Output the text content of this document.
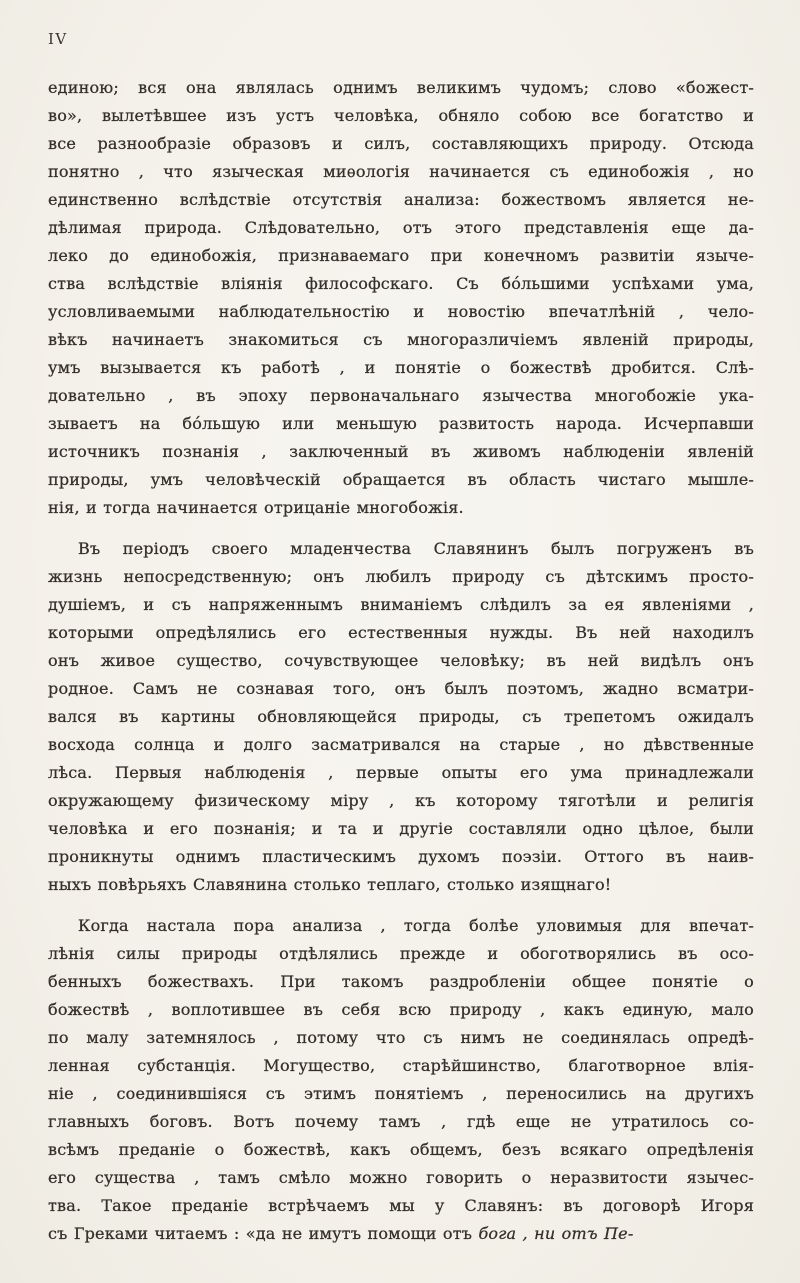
IV
единою; вся она являлась однимъ великимъ чудомъ; слово «божест-
во», вылетѣвшее изъ устъ человѣка, обняло собою все богатство и
все разнообразіе образовъ и силъ, составляющихъ природу. Отсюда
понятно , что языческая миѳологія начинается съ единобожія , но
единственно вслѣдствіе отсутствія анализа: божествомъ является не-
дѣлимая природа. Слѣдовательно, отъ этого представленія еще да-
леко до единобожія, признаваемаго при конечномъ развитіи языче-
ства вслѣдствіе вліянія философскаго. Съ бо́льшими успѣхами ума,
условливаемыми наблюдательностію и новостію впечатлѣній , чело-
вѣкъ начинаетъ знакомиться съ многоразличіемъ явленій природы,
умъ вызывается къ работѣ , и понятіе о божествѣ дробится. Слѣ-
довательно , въ эпоху первоначальнаго язычества многобожіе ука-
зываетъ на бо́льшую или меньшую развитость народа. Исчерпавши
источникъ познанія , заключенный въ живомъ наблюденіи явленій
природы, умъ человѣческій обращается въ область чистаго мышле-
нія, и тогда начинается отрицаніе многобожія.
Въ періодъ своего младенчества Славянинъ былъ погруженъ въ
жизнь непосредственную; онъ любилъ природу съ дѣтскимъ просто-
душіемъ, и съ напряженнымъ вниманіемъ слѣдилъ за ея явленіями ,
которыми опредѣлялись его естественныя нужды. Въ ней находилъ
онъ живое существо, сочувствующее человѣку; въ ней видѣлъ онъ
родное. Самъ не сознавая того, онъ былъ поэтомъ, жадно всматри-
вался въ картины обновляющейся природы, съ трепетомъ ожидалъ
восхода солнца и долго засматривался на старые , но дѣвственные
лѣса. Первыя наблюденія , первые опыты его ума принадлежали
окружающему физическому міру , къ которому тяготѣли и религія
человѣка и его познанія; и та и другіе составляли одно цѣлое, были
проникнуты однимъ пластическимъ духомъ поэзіи. Оттого въ наив-
ныхъ повѣрьяхъ Славянина столько теплаго, столько изящнаго!
Когда настала пора анализа , тогда болѣе уловимыя для впечат-
лѣнія силы природы отдѣлялись прежде и обоготворялись въ осо-
бенныхъ божествахъ. При такомъ раздробленіи общее понятіе о
божествѣ , воплотившее въ себя всю природу , какъ единую, мало
по малу затемнялось , потому что съ нимъ не соединялась опредѣ-
ленная субстанція. Могущество, старѣйшинство, благотворное влія-
ніе , соединившіяся съ этимъ понятіемъ , переносились на другихъ
главныхъ боговъ. Вотъ почему тамъ , гдѣ еще не утратилось со-
всѣмъ преданіе о божествѣ, какъ общемъ, безъ всякаго опредѣленія
его существа , тамъ смѣло можно говорить о неразвитости язычес-
тва. Такое преданіе встрѣчаемъ мы у Славянъ: въ договорѣ Игоря
съ Греками читаемъ : «да не имутъ помощи отъ бога , ни отъ Пе-
